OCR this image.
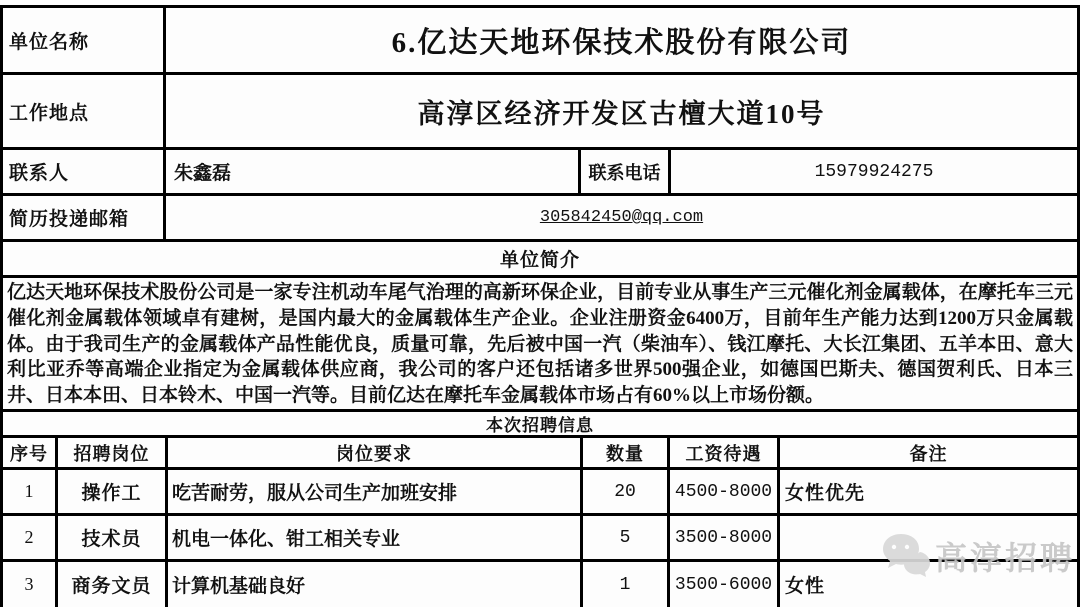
单位名称	6.亿达天地环保技术股份有限公司
工作地点	高淳区经济开发区古檀大道10号
联系人	朱鑫磊	联系电话	15979924275
简历投递邮箱	305842450@qq.com
单位简介
亿达天地环保技术股份公司是一家专注机动车尾气治理的高新环保企业，目前专业从事生产三元催化剂金属载体，在摩托车三元催化剂金属载体领域卓有建树，是国内最大的金属载体生产企业。企业注册资金6400万，目前年生产能力达到1200万只金属载体。由于我司生产的金属载体产品性能优良，质量可靠，先后被中国一汽（柴油车）、钱江摩托、大长江集团、五羊本田、意大利比亚乔等高端企业指定为金属载体供应商，我公司的客户还包括诸多世界500强企业，如德国巴斯夫、德国贺利氏、日本三井、日本本田、日本铃木、中国一汽等。目前亿达在摩托车金属载体市场占有60%以上市场份额。
本次招聘信息
序号	招聘岗位	岗位要求	数量	工资待遇	备注
1	操作工	吃苦耐劳，服从公司生产加班安排	20	4500-8000 女性优先
2	技术员	机电一体化、钳工相关专业	5	3500-8000
3	商务文员	计算机基础良好	1	3500-6000 女性
高淳招聘
